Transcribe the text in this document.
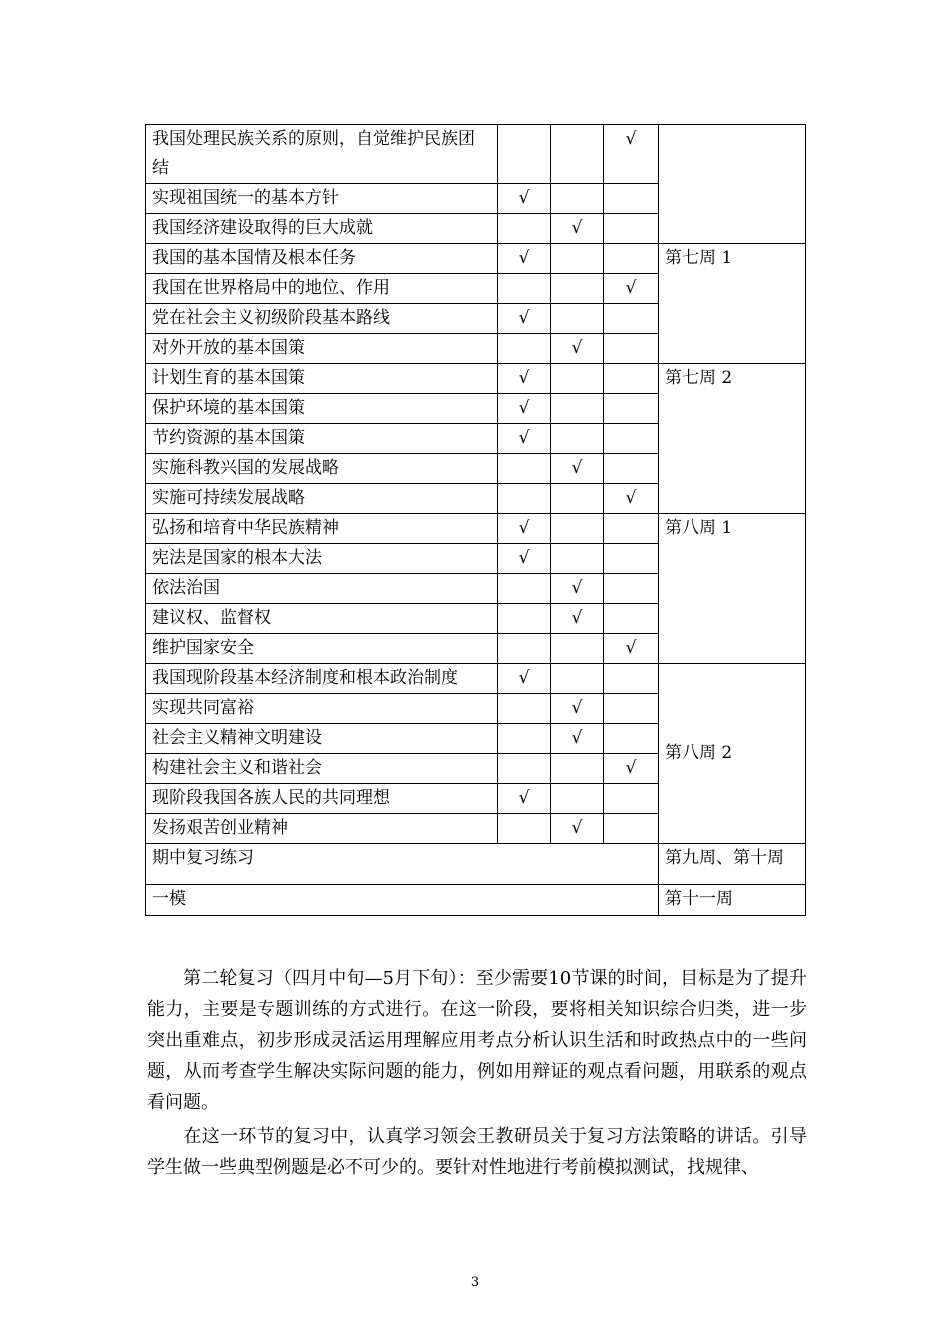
我国处理民族关系的原则，自觉维护民族团结			√	
实现祖国统一的基本方针	√			
我国经济建设取得的巨大成就		√		
我国的基本国情及根本任务	√			第七周 1
我国在世界格局中的地位、作用			√	
党在社会主义初级阶段基本路线	√			
对外开放的基本国策		√		
计划生育的基本国策	√			第七周 2
保护环境的基本国策	√			
节约资源的基本国策	√			
实施科教兴国的发展战略		√		
实施可持续发展战略			√	
弘扬和培育中华民族精神	√			第八周 1
宪法是国家的根本大法	√			
依法治国		√		
建议权、监督权		√		
维护国家安全			√	
我国现阶段基本经济制度和根本政治制度	√			第八周 2
实现共同富裕		√		
社会主义精神文明建设		√		
构建社会主义和谐社会			√	
现阶段我国各族人民的共同理想	√			
发扬艰苦创业精神		√		
期中复习练习				第九周、第十周
一模				第十一周
第二轮复习（四月中旬—5月下旬）：至少需要10节课的时间，目标是为了提升能力，主要是专题训练的方式进行。在这一阶段，要将相关知识综合归类，进一步突出重难点，初步形成灵活运用理解应用考点分析认识生活和时政热点中的一些问题，从而考查学生解决实际问题的能力，例如用辩证的观点看问题，用联系的观点看问题。
在这一环节的复习中，认真学习领会王教研员关于复习方法策略的讲话。引导学生做一些典型例题是必不可少的。要针对性地进行考前模拟测试，找规律、
3
